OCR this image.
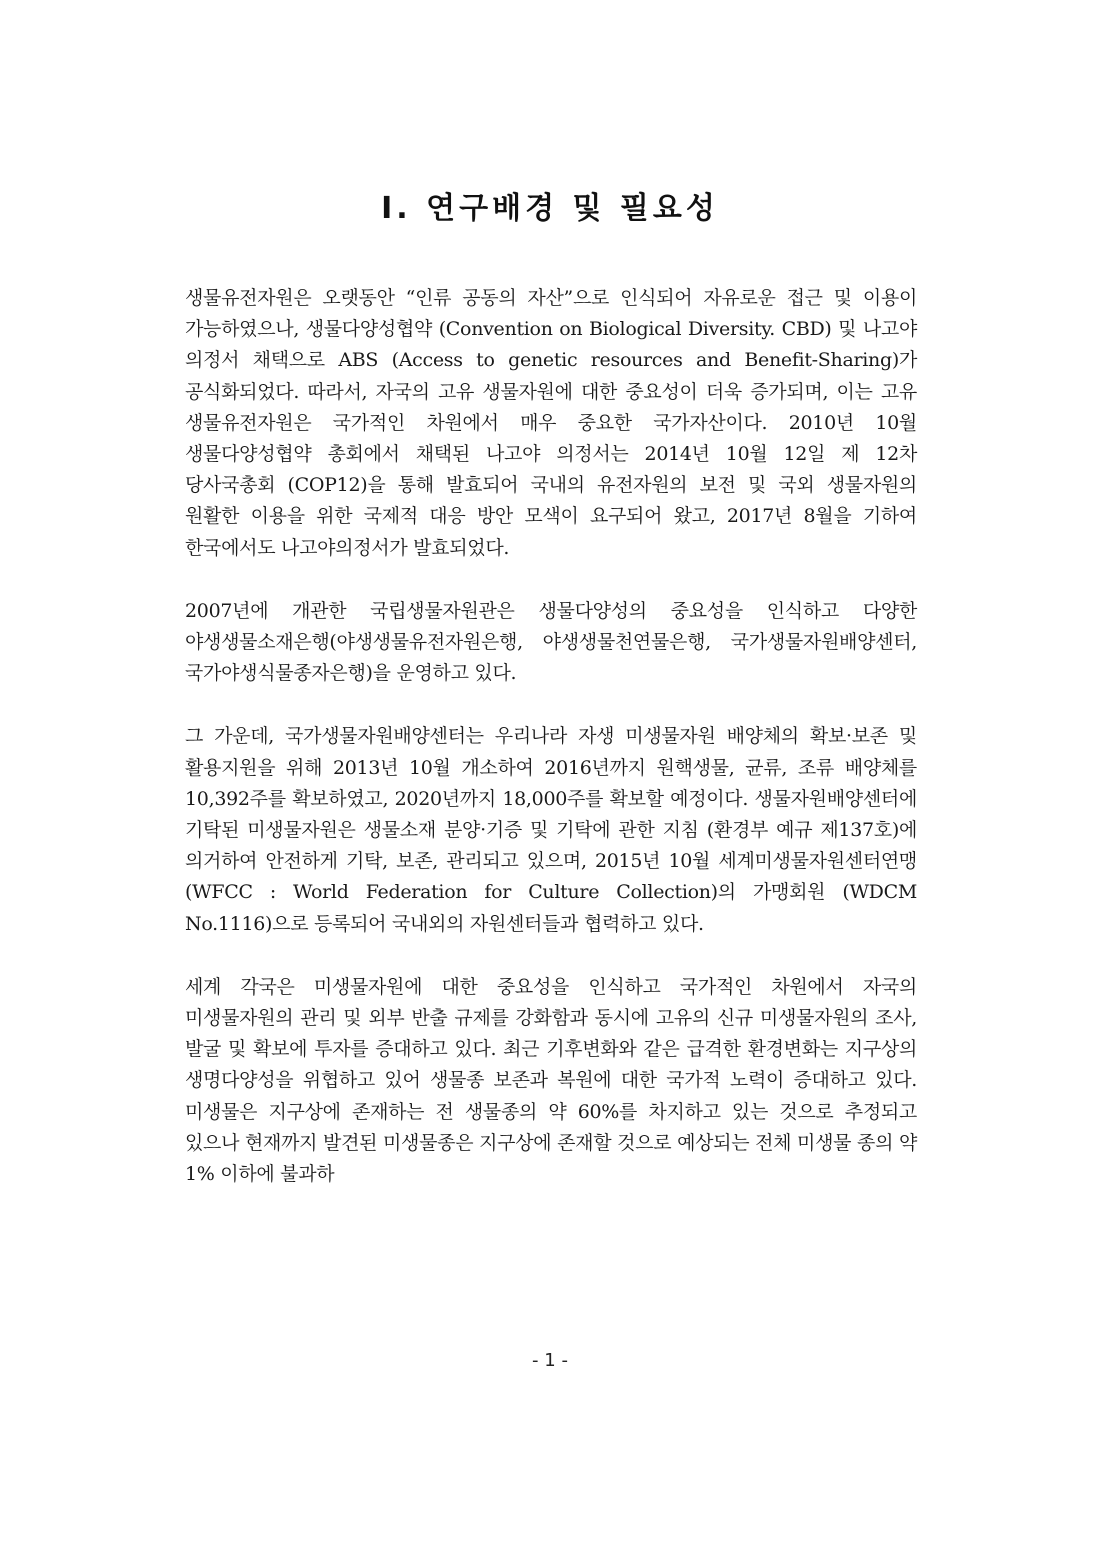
Ⅰ. 연구배경 및 필요성

생물유전자원은 오랫동안 “인류 공동의 자산”으로 인식되어 자유로운 접근 및 이용이 가능하였으나, 생물다양성협약 (Convention on Biological Diversity. CBD) 및 나고야 의정서 채택으로 ABS (Access to genetic resources and Benefit-Sharing)가 공식화되었다. 따라서, 자국의 고유 생물자원에 대한 중요성이 더욱 증가되며, 이는 고유 생물유전자원은 국가적인 차원에서 매우 중요한 국가자산이다. 2010년 10월 생물다양성협약 총회에서 채택된 나고야 의정서는 2014년 10월 12일 제 12차 당사국총회 (COP12)을 통해 발효되어 국내의 유전자원의 보전 및 국외 생물자원의 원활한 이용을 위한 국제적 대응 방안 모색이 요구되어 왔고, 2017년 8월을 기하여 한국에서도 나고야의정서가 발효되었다.

2007년에 개관한 국립생물자원관은 생물다양성의 중요성을 인식하고 다양한 야생생물소재은행(야생생물유전자원은행, 야생생물천연물은행, 국가생물자원배양센터, 국가야생식물종자은행)을 운영하고 있다.

그 가운데, 국가생물자원배양센터는 우리나라 자생 미생물자원 배양체의 확보·보존 및 활용지원을 위해 2013년 10월 개소하여 2016년까지 원핵생물, 균류, 조류 배양체를 10,392주를 확보하였고, 2020년까지 18,000주를 확보할 예정이다. 생물자원배양센터에 기탁된 미생물자원은 생물소재 분양·기증 및 기탁에 관한 지침 (환경부 예규 제137호)에 의거하여 안전하게 기탁, 보존, 관리되고 있으며, 2015년 10월 세계미생물자원센터연맹 (WFCC : World Federation for Culture Collection)의 가맹회원 (WDCM No.1116)으로 등록되어 국내외의 자원센터들과 협력하고 있다.

세계 각국은 미생물자원에 대한 중요성을 인식하고 국가적인 차원에서 자국의 미생물자원의 관리 및 외부 반출 규제를 강화함과 동시에 고유의 신규 미생물자원의 조사, 발굴 및 확보에 투자를 증대하고 있다. 최근 기후변화와 같은 급격한 환경변화는 지구상의 생명다양성을 위협하고 있어 생물종 보존과 복원에 대한 국가적 노력이 증대하고 있다. 미생물은 지구상에 존재하는 전 생물종의 약 60%를 차지하고 있는 것으로 추정되고 있으나 현재까지 발견된 미생물종은 지구상에 존재할 것으로 예상되는 전체 미생물 종의 약 1% 이하에 불과하

- 1 -
